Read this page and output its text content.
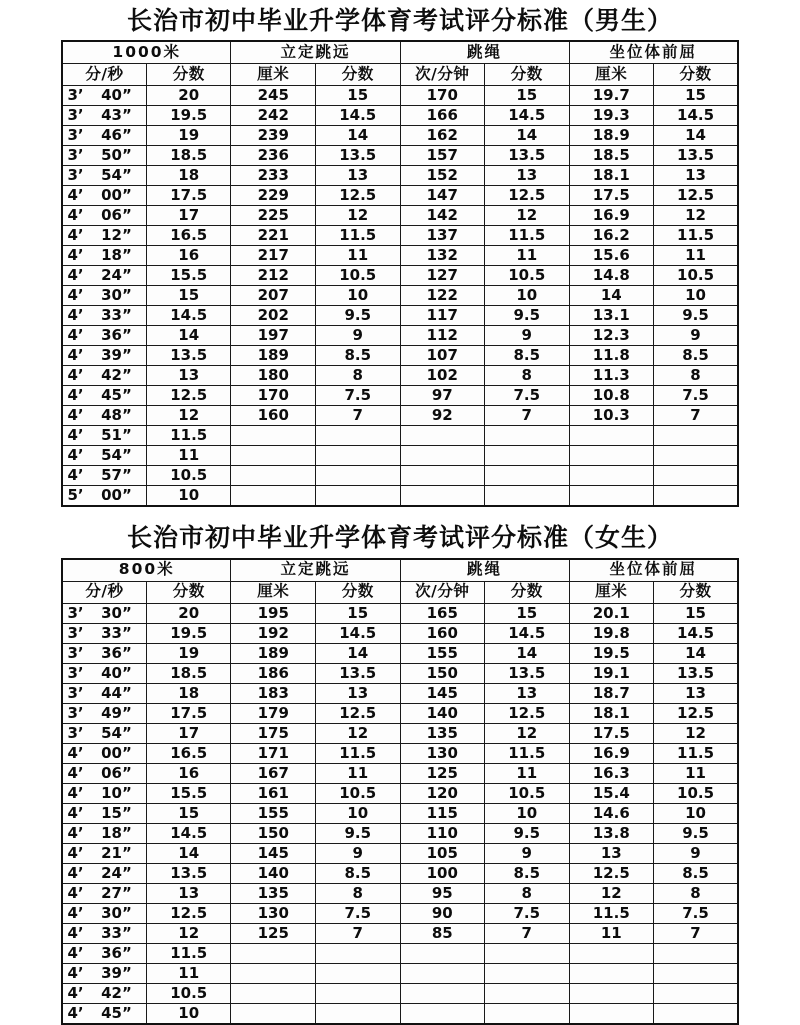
长治市初中毕业升学体育考试评分标准（男生）
1000米		立定跳远		跳绳		坐位体前屈	
分/秒	分数	厘米	分数	次/分钟	分数	厘米	分数
3’ 40”	20	245	15	170	15	19.7	15
3’ 43”	19.5	242	14.5	166	14.5	19.3	14.5
3’ 46”	19	239	14	162	14	18.9	14
3’ 50”	18.5	236	13.5	157	13.5	18.5	13.5
3’ 54”	18	233	13	152	13	18.1	13
4’ 00”	17.5	229	12.5	147	12.5	17.5	12.5
4’ 06”	17	225	12	142	12	16.9	12
4’ 12”	16.5	221	11.5	137	11.5	16.2	11.5
4’ 18”	16	217	11	132	11	15.6	11
4’ 24”	15.5	212	10.5	127	10.5	14.8	10.5
4’ 30”	15	207	10	122	10	14	10
4’ 33”	14.5	202	9.5	117	9.5	13.1	9.5
4’ 36”	14	197	9	112	9	12.3	9
4’ 39”	13.5	189	8.5	107	8.5	11.8	8.5
4’ 42”	13	180	8	102	8	11.3	8
4’ 45”	12.5	170	7.5	97	7.5	10.8	7.5
4’ 48”	12	160	7	92	7	10.3	7
4’ 51”	11.5						
4’ 54”	11						
4’ 57”	10.5						
5’ 00”	10						
长治市初中毕业升学体育考试评分标准（女生）
800米		立定跳远		跳绳		坐位体前屈	
分/秒	分数	厘米	分数	次/分钟	分数	厘米	分数
3’ 30”	20	195	15	165	15	20.1	15
3’ 33”	19.5	192	14.5	160	14.5	19.8	14.5
3’ 36”	19	189	14	155	14	19.5	14
3’ 40”	18.5	186	13.5	150	13.5	19.1	13.5
3’ 44”	18	183	13	145	13	18.7	13
3’ 49”	17.5	179	12.5	140	12.5	18.1	12.5
3’ 54”	17	175	12	135	12	17.5	12
4’ 00”	16.5	171	11.5	130	11.5	16.9	11.5
4’ 06”	16	167	11	125	11	16.3	11
4’ 10”	15.5	161	10.5	120	10.5	15.4	10.5
4’ 15”	15	155	10	115	10	14.6	10
4’ 18”	14.5	150	9.5	110	9.5	13.8	9.5
4’ 21”	14	145	9	105	9	13	9
4’ 24”	13.5	140	8.5	100	8.5	12.5	8.5
4’ 27”	13	135	8	95	8	12	8
4’ 30”	12.5	130	7.5	90	7.5	11.5	7.5
4’ 33”	12	125	7	85	7	11	7
4’ 36”	11.5						
4’ 39”	11						
4’ 42”	10.5						
4’ 45”	10						
